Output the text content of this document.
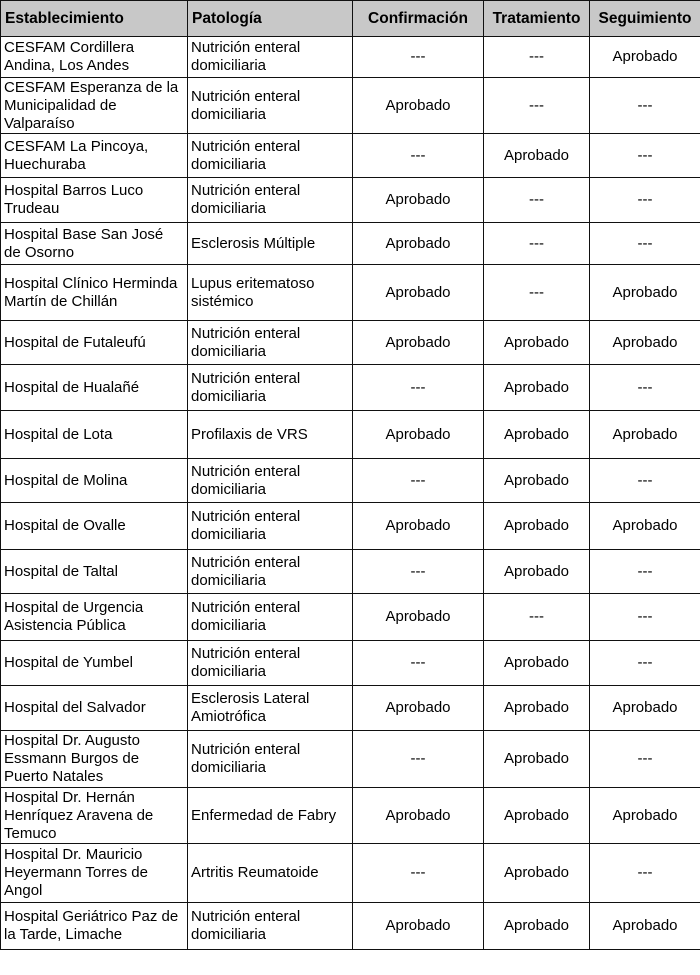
Establecimiento	Patología	Confirmación	Tratamiento	Seguimiento
CESFAM Cordillera Andina, Los Andes	Nutrición enteral domiciliaria	---	---	Aprobado
CESFAM Esperanza de la Municipalidad de Valparaíso	Nutrición enteral domiciliaria	Aprobado	---	---
CESFAM La Pincoya, Huechuraba	Nutrición enteral domiciliaria	---	Aprobado	---
Hospital Barros Luco Trudeau	Nutrición enteral domiciliaria	Aprobado	---	---
Hospital Base San José de Osorno	Esclerosis Múltiple	Aprobado	---	---
Hospital Clínico Herminda Martín de Chillán	Lupus eritematoso sistémico	Aprobado	---	Aprobado
Hospital de Futaleufú	Nutrición enteral domiciliaria	Aprobado	Aprobado	Aprobado
Hospital de Hualañé	Nutrición enteral domiciliaria	---	Aprobado	---
Hospital de Lota	Profilaxis de VRS	Aprobado	Aprobado	Aprobado
Hospital de Molina	Nutrición enteral domiciliaria	---	Aprobado	---
Hospital de Ovalle	Nutrición enteral domiciliaria	Aprobado	Aprobado	Aprobado
Hospital de Taltal	Nutrición enteral domiciliaria	---	Aprobado	---
Hospital de Urgencia Asistencia Pública	Nutrición enteral domiciliaria	Aprobado	---	---
Hospital de Yumbel	Nutrición enteral domiciliaria	---	Aprobado	---
Hospital del Salvador	Esclerosis Lateral Amiotrófica	Aprobado	Aprobado	Aprobado
Hospital Dr. Augusto Essmann Burgos de Puerto Natales	Nutrición enteral domiciliaria	---	Aprobado	---
Hospital Dr. Hernán Henríquez Aravena de Temuco	Enfermedad de Fabry	Aprobado	Aprobado	Aprobado
Hospital Dr. Mauricio Heyermann Torres de Angol	Artritis Reumatoide	---	Aprobado	---
Hospital Geriátrico Paz de la Tarde, Limache	Nutrición enteral domiciliaria	Aprobado	Aprobado	Aprobado
